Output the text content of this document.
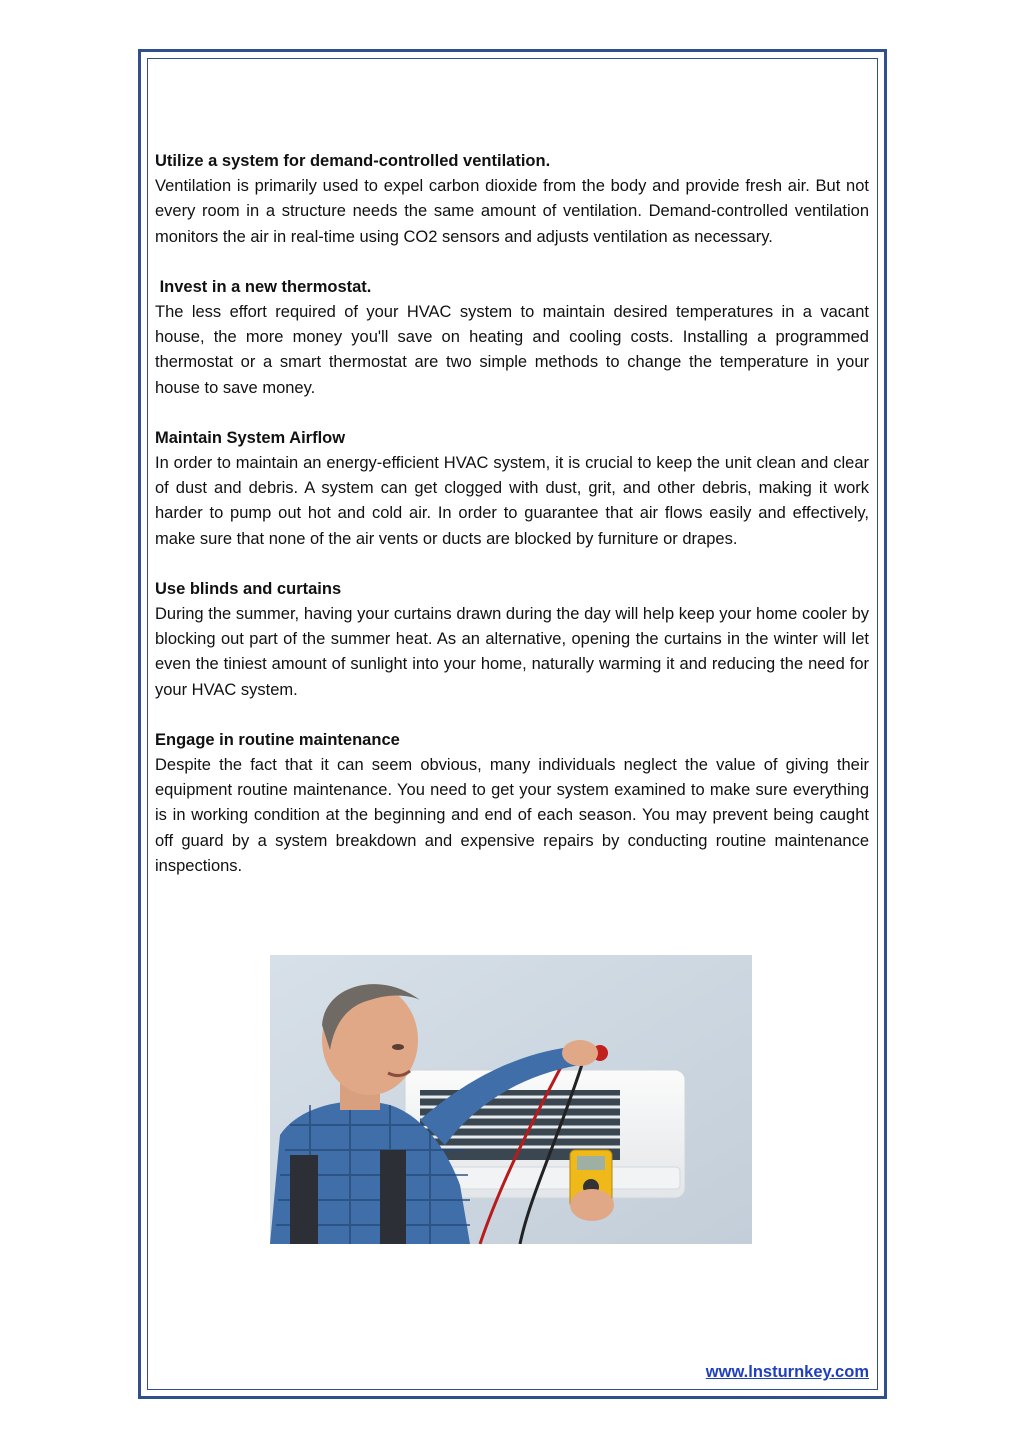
Utilize a system for demand-controlled ventilation.

Ventilation is primarily used to expel carbon dioxide from the body and provide fresh air. But not every room in a structure needs the same amount of ventilation. Demand-controlled ventilation monitors the air in real-time using CO2 sensors and adjusts ventilation as necessary.

Invest in a new thermostat.

The less effort required of your HVAC system to maintain desired temperatures in a vacant house, the more money you'll save on heating and cooling costs. Installing a programmed thermostat or a smart thermostat are two simple methods to change the temperature in your house to save money.

Maintain System Airflow

In order to maintain an energy-efficient HVAC system, it is crucial to keep the unit clean and clear of dust and debris. A system can get clogged with dust, grit, and other debris, making it work harder to pump out hot and cold air. In order to guarantee that air flows easily and effectively, make sure that none of the air vents or ducts are blocked by furniture or drapes.

Use blinds and curtains

During the summer, having your curtains drawn during the day will help keep your home cooler by blocking out part of the summer heat. As an alternative, opening the curtains in the winter will let even the tiniest amount of sunlight into your home, naturally warming it and reducing the need for your HVAC system.

Engage in routine maintenance

Despite the fact that it can seem obvious, many individuals neglect the value of giving their equipment routine maintenance. You need to get your system examined to make sure everything is in working condition at the beginning and end of each season. You may prevent being caught off guard by a system breakdown and expensive repairs by conducting routine maintenance inspections.

www.lnsturnkey.com
